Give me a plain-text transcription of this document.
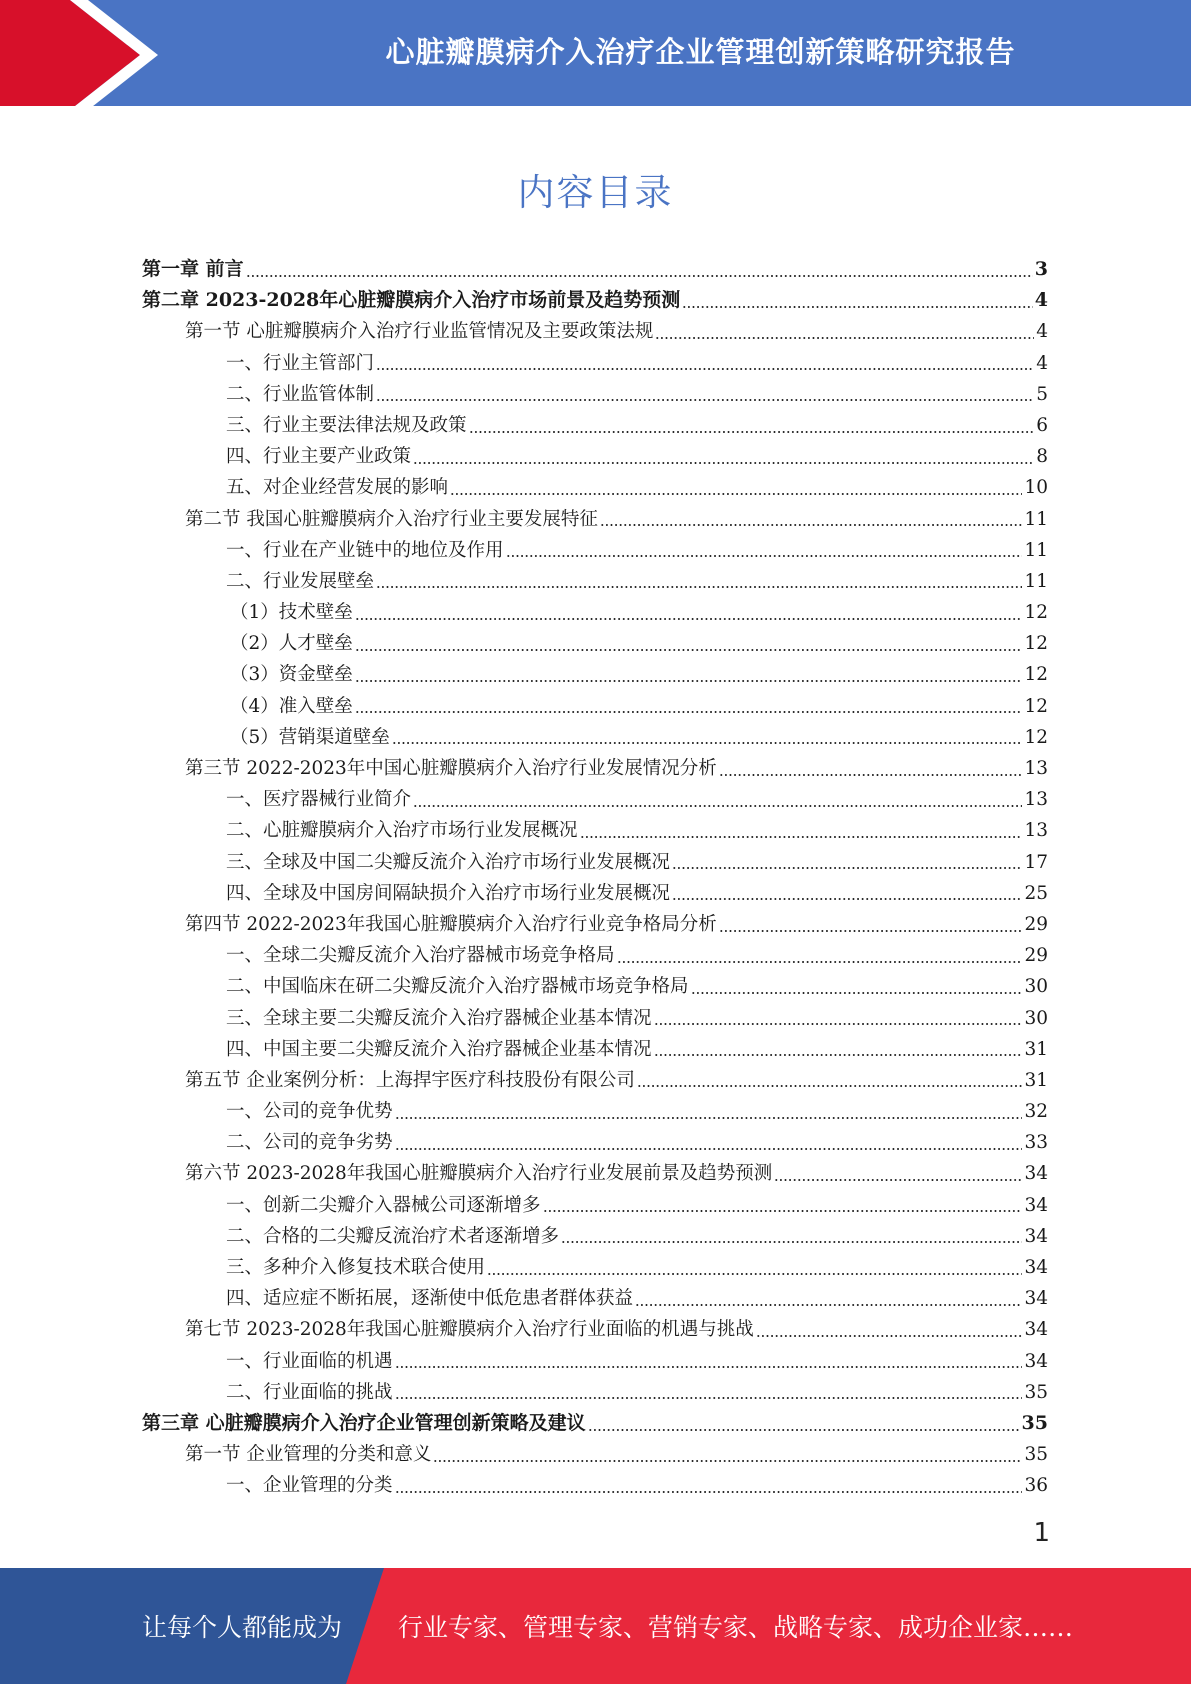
心脏瓣膜病介入治疗企业管理创新策略研究报告
内容目录
第一章 前言	3
第二章 2023-2028年心脏瓣膜病介入治疗市场前景及趋势预测	4
第一节 心脏瓣膜病介入治疗行业监管情况及主要政策法规	4
一、行业主管部门	4
二、行业监管体制	5
三、行业主要法律法规及政策	6
四、行业主要产业政策	8
五、对企业经营发展的影响	10
第二节 我国心脏瓣膜病介入治疗行业主要发展特征	11
一、行业在产业链中的地位及作用	11
二、行业发展壁垒	11
（1）技术壁垒	12
（2）人才壁垒	12
（3）资金壁垒	12
（4）准入壁垒	12
（5）营销渠道壁垒	12
第三节 2022-2023年中国心脏瓣膜病介入治疗行业发展情况分析	13
一、医疗器械行业简介	13
二、心脏瓣膜病介入治疗市场行业发展概况	13
三、全球及中国二尖瓣反流介入治疗市场行业发展概况	17
四、全球及中国房间隔缺损介入治疗市场行业发展概况	25
第四节 2022-2023年我国心脏瓣膜病介入治疗行业竞争格局分析	29
一、全球二尖瓣反流介入治疗器械市场竞争格局	29
二、中国临床在研二尖瓣反流介入治疗器械市场竞争格局	30
三、全球主要二尖瓣反流介入治疗器械企业基本情况	30
四、中国主要二尖瓣反流介入治疗器械企业基本情况	31
第五节 企业案例分析：上海捍宇医疗科技股份有限公司	31
一、公司的竞争优势	32
二、公司的竞争劣势	33
第六节 2023-2028年我国心脏瓣膜病介入治疗行业发展前景及趋势预测	34
一、创新二尖瓣介入器械公司逐渐增多	34
二、合格的二尖瓣反流治疗术者逐渐增多	34
三、多种介入修复技术联合使用	34
四、适应症不断拓展，逐渐使中低危患者群体获益	34
第七节 2023-2028年我国心脏瓣膜病介入治疗行业面临的机遇与挑战	34
一、行业面临的机遇	34
二、行业面临的挑战	35
第三章 心脏瓣膜病介入治疗企业管理创新策略及建议	35
第一节 企业管理的分类和意义	35
一、企业管理的分类	36
1
让每个人都能成为 行业专家、管理专家、营销专家、战略专家、成功企业家……
